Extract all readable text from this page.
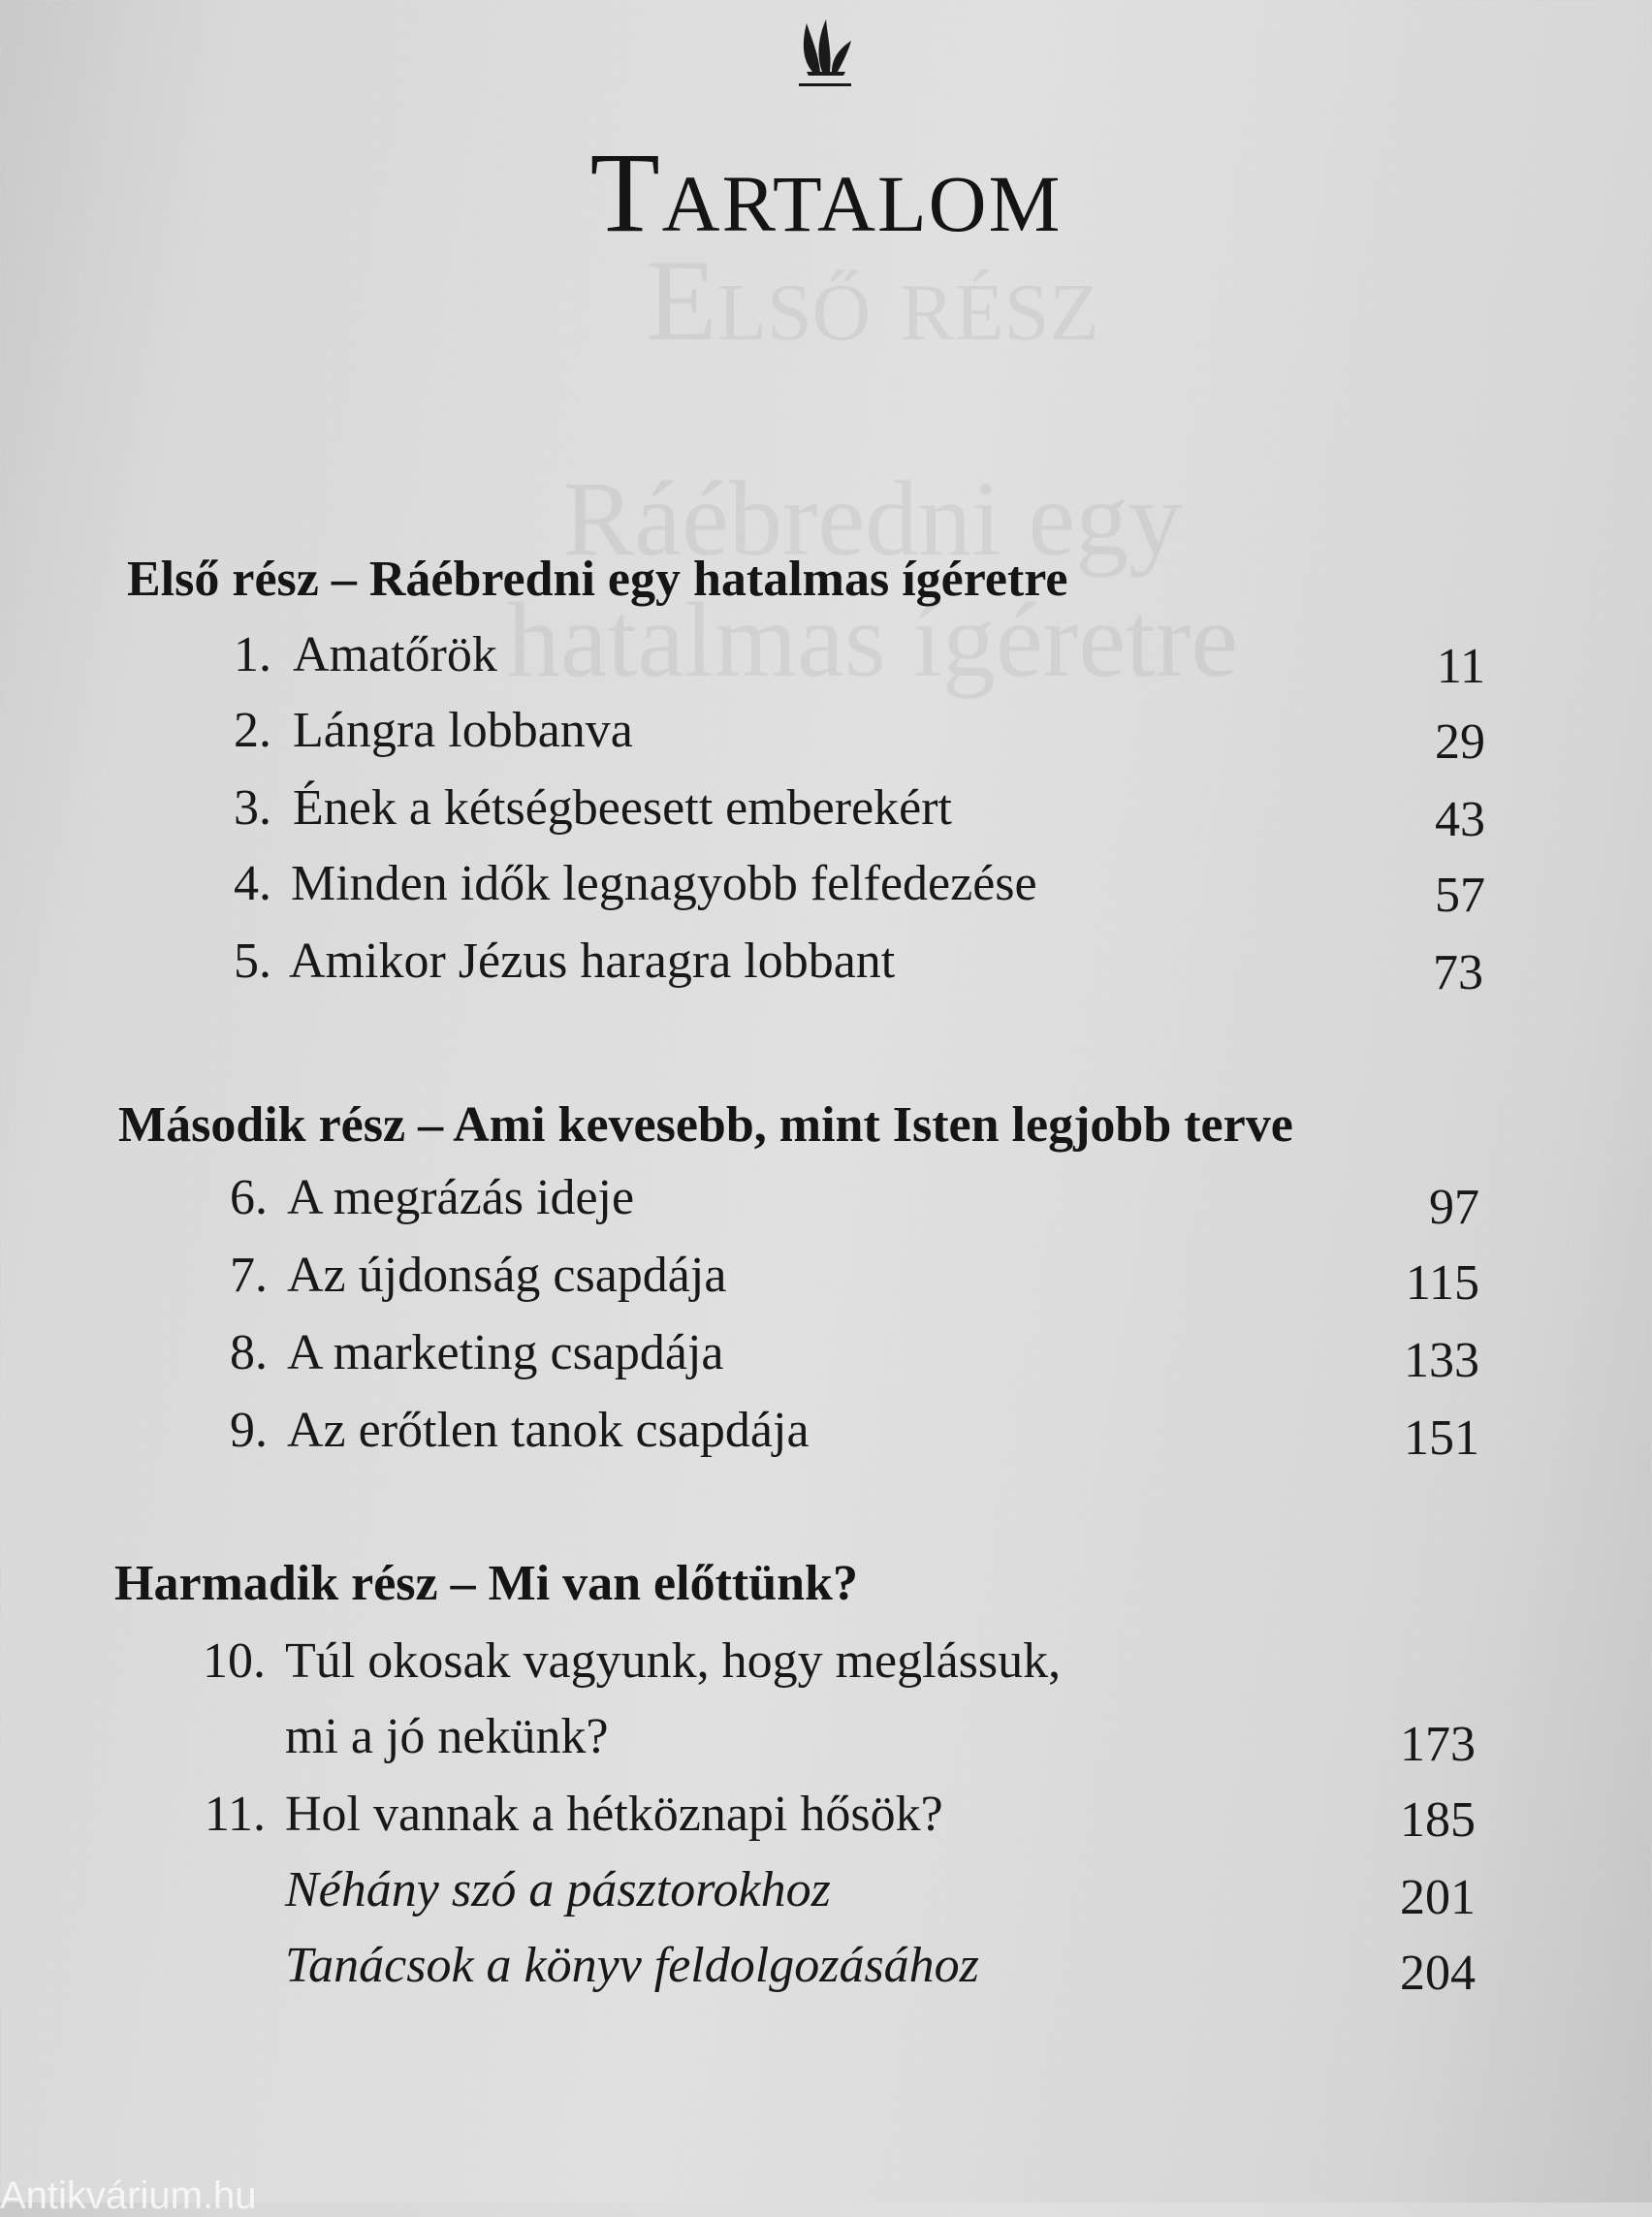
Első rész
Ráébredni egy
hatalmas ígéretre
Tartalom
Első rész – Ráébredni egy hatalmas ígéretre
1. Amatőrök	11
2. Lángra lobbanva	29
3. Ének a kétségbeesett emberekért	43
4. Minden idők legnagyobb felfedezése	57
5. Amikor Jézus haragra lobbant	73
Második rész – Ami kevesebb, mint Isten legjobb terve
6. A megrázás ideje	97
7. Az újdonság csapdája	115
8. A marketing csapdája	133
9. Az erőtlen tanok csapdája	151
Harmadik rész – Mi van előttünk?
10. Túl okosak vagyunk, hogy meglássuk,
mi a jó nekünk?	173
11. Hol vannak a hétköznapi hősök?	185
Néhány szó a pásztorokhoz	201
Tanácsok a könyv feldolgozásához	204
Antikvárium.hu
